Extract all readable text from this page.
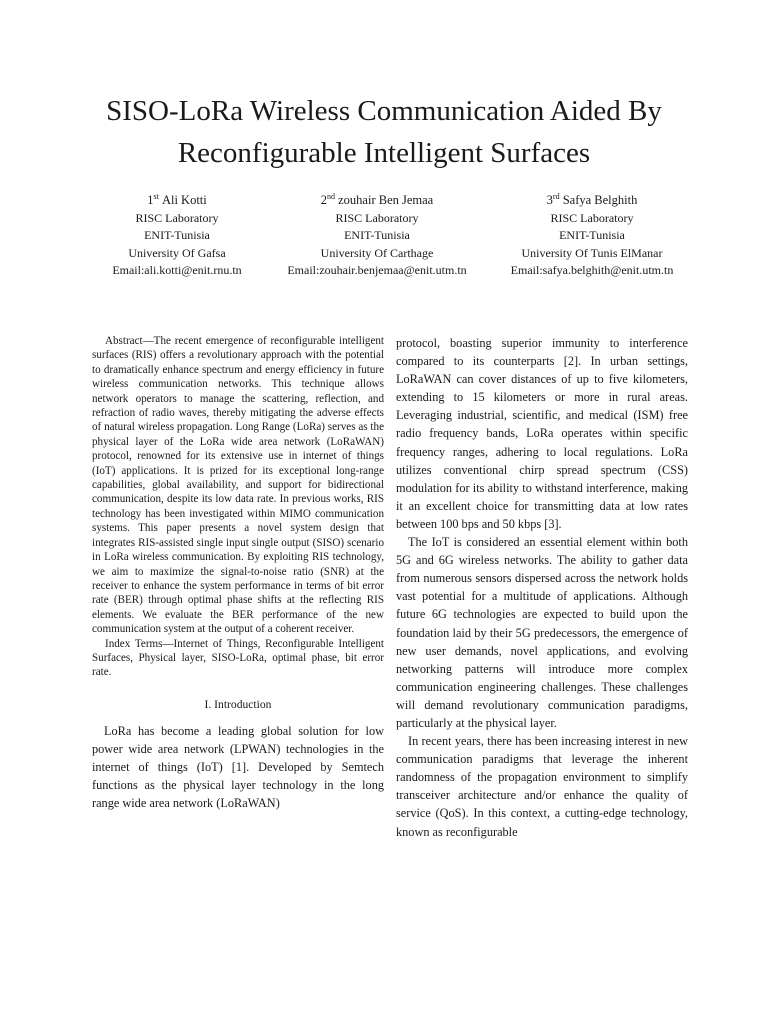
SISO-LoRa Wireless Communication Aided By Reconfigurable Intelligent Surfaces
1st Ali Kotti
RISC Laboratory
ENIT-Tunisia
University Of Gafsa
Email:ali.kotti@enit.rnu.tn
2nd zouhair Ben Jemaa
RISC Laboratory
ENIT-Tunisia
University Of Carthage
Email:zouhair.benjemaa@enit.utm.tn
3rd Safya Belghith
RISC Laboratory
ENIT-Tunisia
University Of Tunis ElManar
Email:safya.belghith@enit.utm.tn

Abstract—The recent emergence of reconfigurable intelligent surfaces (RIS) offers a revolutionary approach with the potential to dramatically enhance spectrum and energy efficiency in future wireless communication networks. This technique allows network operators to manage the scattering, reflection, and refraction of radio waves, thereby mitigating the adverse effects of natural wireless propagation. Long Range (LoRa) serves as the physical layer of the LoRa wide area network (LoRaWAN) protocol, renowned for its extensive use in internet of things (IoT) applications. It is prized for its exceptional long-range capabilities, global availability, and support for bidirectional communication, despite its low data rate. In previous works, RIS technology has been investigated within MIMO communication systems. This paper presents a novel system design that integrates RIS-assisted single input single output (SISO) scenario in LoRa wireless communication. By exploiting RIS technology, we aim to maximize the signal-to-noise ratio (SNR) at the receiver to enhance the system performance in terms of bit error rate (BER) through optimal phase shifts at the reflecting RIS elements. We evaluate the BER performance of the new communication system at the output of a coherent receiver.

Index Terms—Internet of Things, Reconfigurable Intelligent Surfaces, Physical layer, SISO-LoRa, optimal phase, bit error rate.

I. Introduction

LoRa has become a leading global solution for low power wide area network (LPWAN) technologies in the internet of things (IoT) [1]. Developed by Semtech functions as the physical layer technology in the long range wide area network (LoRaWAN)

protocol, boasting superior immunity to interference compared to its counterparts [2]. In urban settings, LoRaWAN can cover distances of up to five kilometers, extending to 15 kilometers or more in rural areas. Leveraging industrial, scientific, and medical (ISM) free radio frequency bands, LoRa operates within specific frequency ranges, adhering to local regulations. LoRa utilizes conventional chirp spread spectrum (CSS) modulation for its ability to withstand interference, making it an excellent choice for transmitting data at low rates between 100 bps and 50 kbps [3].

The IoT is considered an essential element within both 5G and 6G wireless networks. The ability to gather data from numerous sensors dispersed across the network holds vast potential for a multitude of applications. Although future 6G technologies are expected to build upon the foundation laid by their 5G predecessors, the emergence of new user demands, novel applications, and evolving networking patterns will introduce more complex communication engineering challenges. These challenges will demand revolutionary communication paradigms, particularly at the physical layer.

In recent years, there has been increasing interest in new communication paradigms that leverage the inherent randomness of the propagation environment to simplify transceiver architecture and/or enhance the quality of service (QoS). In this context, a cutting-edge technology, known as reconfigurable
